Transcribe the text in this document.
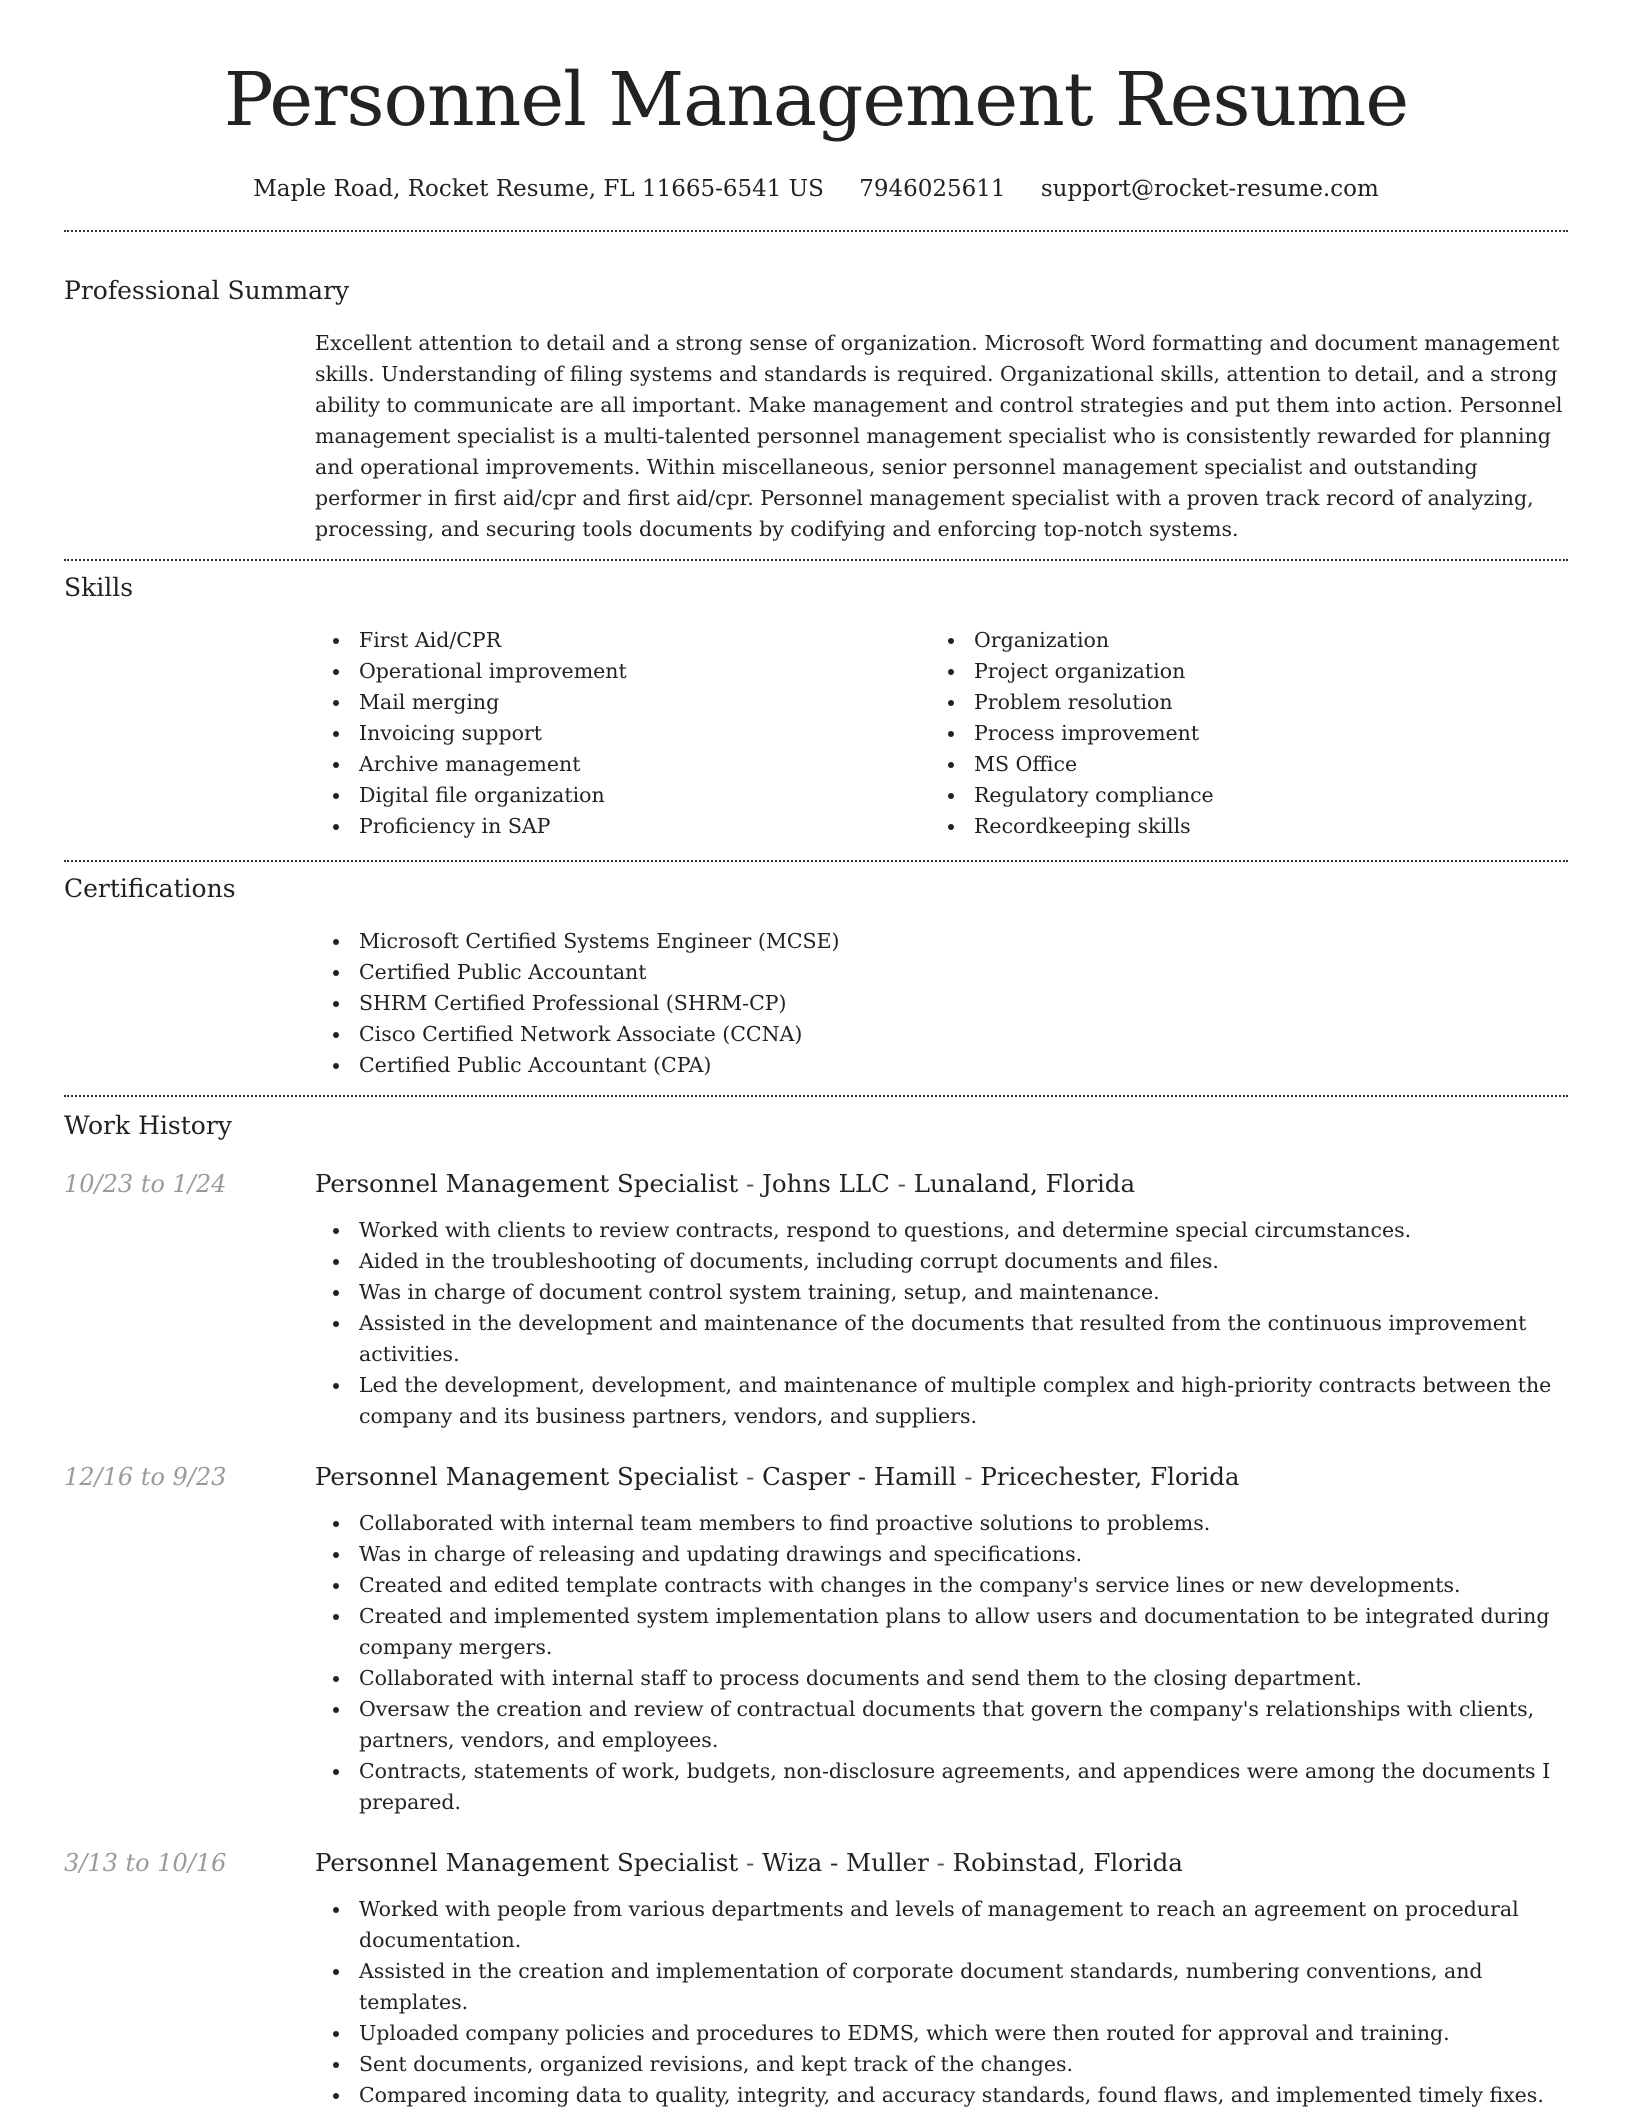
Personnel Management Resume
Maple Road, Rocket Resume, FL 11665-6541 US 7946025611 support@rocket-resume.com
Professional Summary

Excellent attention to detail and a strong sense of organization. Microsoft Word formatting and document management skills. Understanding of filing systems and standards is required. Organizational skills, attention to detail, and a strong ability to communicate are all important. Make management and control strategies and put them into action. Personnel management specialist is a multi-talented personnel management specialist who is consistently rewarded for planning and operational improvements. Within miscellaneous, senior personnel management specialist and outstanding performer in first aid/cpr and first aid/cpr. Personnel management specialist with a proven track record of analyzing, processing, and securing tools documents by codifying and enforcing top-notch systems.

Skills
First Aid/CPR
Operational improvement
Mail merging
Invoicing support
Archive management
Digital file organization
Proficiency in SAP
Organization
Project organization
Problem resolution
Process improvement
MS Office
Regulatory compliance
Recordkeeping skills
Certifications
Microsoft Certified Systems Engineer (MCSE)
Certified Public Accountant
SHRM Certified Professional (SHRM-CP)
Cisco Certified Network Associate (CCNA)
Certified Public Accountant (CPA)
Work History
10/23 to 1/24	Personnel Management Specialist - Johns LLC - Lunaland, Florida
Worked with clients to review contracts, respond to questions, and determine special circumstances.
Aided in the troubleshooting of documents, including corrupt documents and files.
Was in charge of document control system training, setup, and maintenance.
Assisted in the development and maintenance of the documents that resulted from the continuous improvement activities.
Led the development, development, and maintenance of multiple complex and high-priority contracts between the company and its business partners, vendors, and suppliers.
12/16 to 9/23	Personnel Management Specialist - Casper - Hamill - Pricechester, Florida
Collaborated with internal team members to find proactive solutions to problems.
Was in charge of releasing and updating drawings and specifications.
Created and edited template contracts with changes in the company's service lines or new developments.
Created and implemented system implementation plans to allow users and documentation to be integrated during company mergers.
Collaborated with internal staff to process documents and send them to the closing department.
Oversaw the creation and review of contractual documents that govern the company's relationships with clients, partners, vendors, and employees.
Contracts, statements of work, budgets, non-disclosure agreements, and appendices were among the documents I prepared.
3/13 to 10/16	Personnel Management Specialist - Wiza - Muller - Robinstad, Florida
Worked with people from various departments and levels of management to reach an agreement on procedural documentation.
Assisted in the creation and implementation of corporate document standards, numbering conventions, and templates.
Uploaded company policies and procedures to EDMS, which were then routed for approval and training.
Sent documents, organized revisions, and kept track of the changes.
Compared incoming data to quality, integrity, and accuracy standards, found flaws, and implemented timely fixes.
